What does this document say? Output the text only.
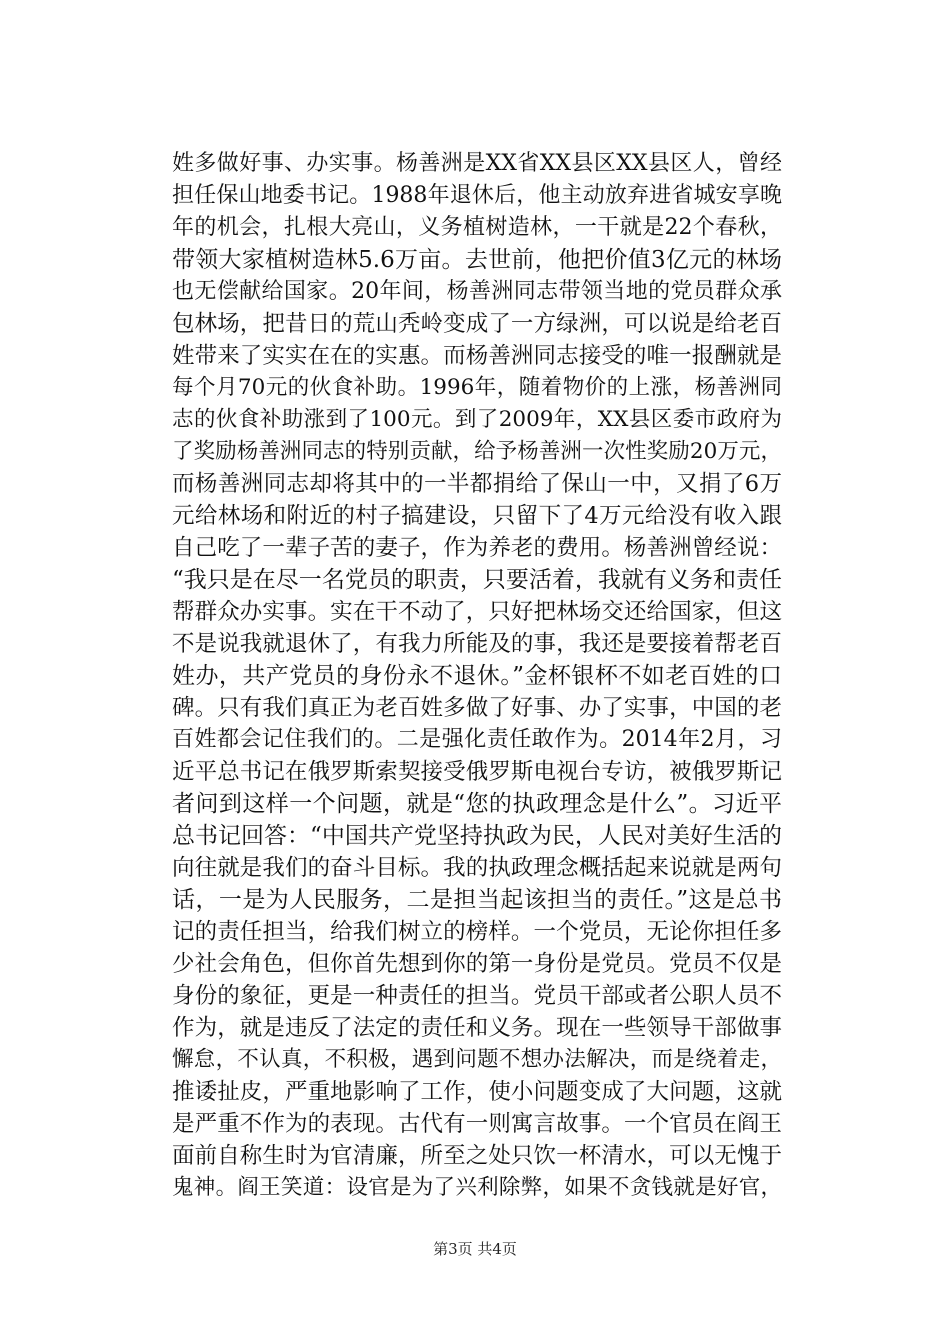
姓多做好事、办实事。杨善洲是XX省XX县区XX县区人，曾经
担任保山地委书记。1988年退休后，他主动放弃进省城安享晚
年的机会，扎根大亮山，义务植树造林，一干就是22个春秋，
带领大家植树造林5.6万亩。去世前，他把价值3亿元的林场
也无偿献给国家。20年间，杨善洲同志带领当地的党员群众承
包林场，把昔日的荒山秃岭变成了一方绿洲，可以说是给老百
姓带来了实实在在的实惠。而杨善洲同志接受的唯一报酬就是
每个月70元的伙食补助。1996年，随着物价的上涨，杨善洲同
志的伙食补助涨到了100元。到了2009年，XX县区委市政府为
了奖励杨善洲同志的特别贡献，给予杨善洲一次性奖励20万元，
而杨善洲同志却将其中的一半都捐给了保山一中，又捐了6万
元给林场和附近的村子搞建设，只留下了4万元给没有收入跟
自己吃了一辈子苦的妻子，作为养老的费用。杨善洲曾经说：
“我只是在尽一名党员的职责，只要活着，我就有义务和责任
帮群众办实事。实在干不动了，只好把林场交还给国家，但这
不是说我就退休了，有我力所能及的事，我还是要接着帮老百
姓办，共产党员的身份永不退休。”金杯银杯不如老百姓的口
碑。只有我们真正为老百姓多做了好事、办了实事，中国的老
百姓都会记住我们的。二是强化责任敢作为。2014年2月，习
近平总书记在俄罗斯索契接受俄罗斯电视台专访，被俄罗斯记
者问到这样一个问题，就是“您的执政理念是什么”。习近平
总书记回答：“中国共产党坚持执政为民，人民对美好生活的
向往就是我们的奋斗目标。我的执政理念概括起来说就是两句
话，一是为人民服务，二是担当起该担当的责任。”这是总书
记的责任担当，给我们树立的榜样。一个党员，无论你担任多
少社会角色，但你首先想到你的第一身份是党员。党员不仅是
身份的象征，更是一种责任的担当。党员干部或者公职人员不
作为，就是违反了法定的责任和义务。现在一些领导干部做事
懈怠，不认真，不积极，遇到问题不想办法解决，而是绕着走，
推诿扯皮，严重地影响了工作，使小问题变成了大问题，这就
是严重不作为的表现。古代有一则寓言故事。一个官员在阎王
面前自称生时为官清廉，所至之处只饮一杯清水，可以无愧于
鬼神。阎王笑道：设官是为了兴利除弊，如果不贪钱就是好官，
第3页 共4页
